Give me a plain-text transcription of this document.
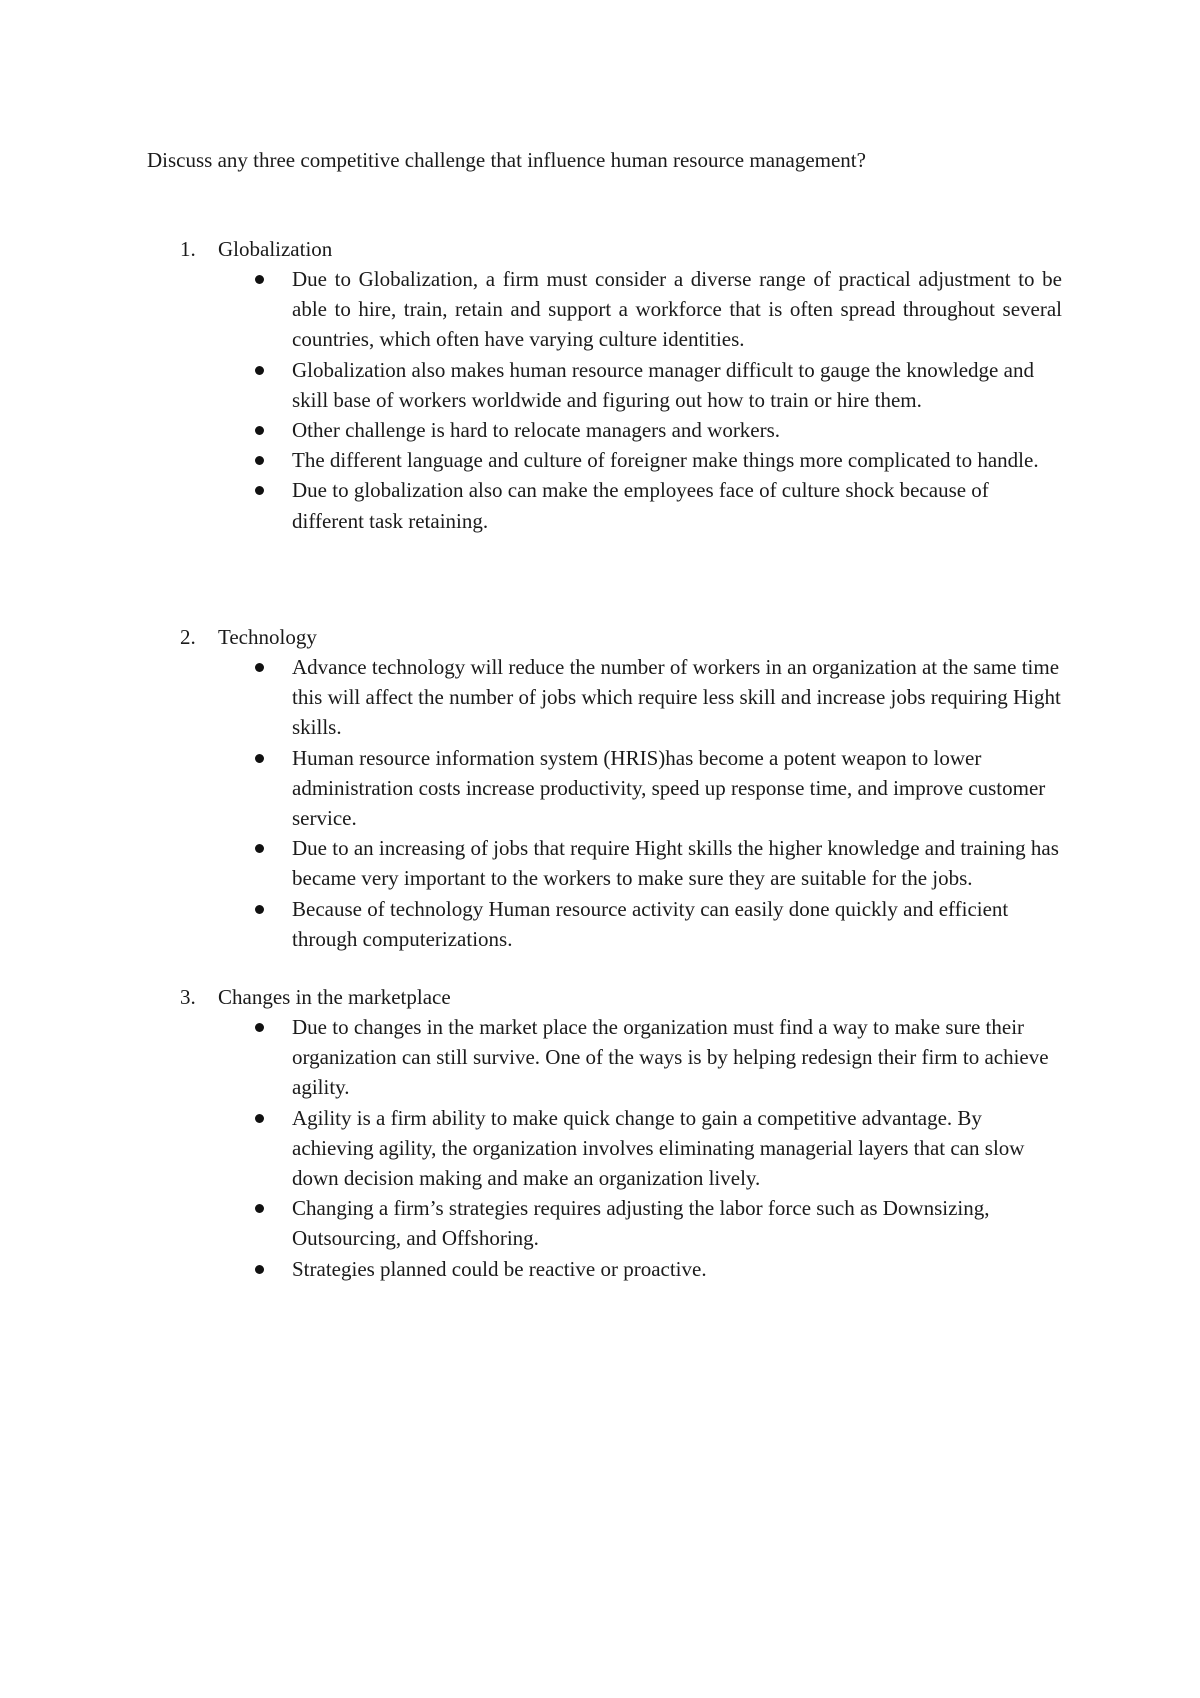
Discuss any three competitive challenge that influence human resource management?
1. Globalization
Due to Globalization, a firm must consider a diverse range of practical adjustment to be able to hire, train, retain and support a workforce that is often spread throughout several countries, which often have varying culture identities.
Globalization also makes human resource manager difficult to gauge the knowledge and skill base of workers worldwide and figuring out how to train or hire them.
Other challenge is hard to relocate managers and workers.
The different language and culture of foreigner make things more complicated to handle.
Due to globalization also can make the employees face of culture shock because of different task retaining.
2. Technology
Advance technology will reduce the number of workers in an organization at the same time this will affect the number of jobs which require less skill and increase jobs requiring Hight skills.
Human resource information system (HRIS)has become a potent weapon to lower administration costs increase productivity, speed up response time, and improve customer service.
Due to an increasing of jobs that require Hight skills the higher knowledge and training has became very important to the workers to make sure they are suitable for the jobs.
Because of technology Human resource activity can easily done quickly and efficient through computerizations.
3. Changes in the marketplace
Due to changes in the market place the organization must find a way to make sure their organization can still survive. One of the ways is by helping redesign their firm to achieve agility.
Agility is a firm ability to make quick change to gain a competitive advantage. By achieving agility, the organization involves eliminating managerial layers that can slow down decision making and make an organization lively.
Changing a firm’s strategies requires adjusting the labor force such as Downsizing, Outsourcing, and Offshoring.
Strategies planned could be reactive or proactive.
